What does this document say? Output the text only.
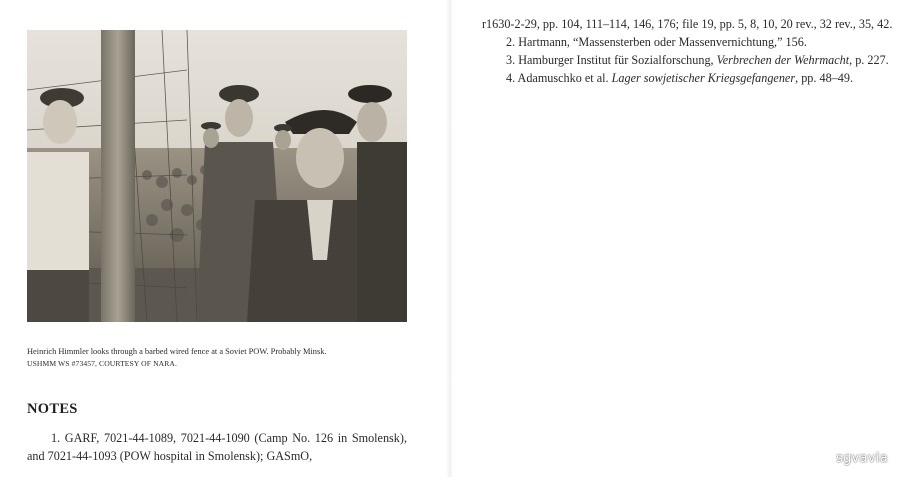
Heinrich Himmler looks through a barbed wired fence at a Soviet POW. Probably Minsk.
USHMM WS #73457, COURTESY OF NARA.
NOTES
1. GARF, 7021-44-1089, 7021-44-1090 (Camp No. 126 in Smolensk), and 7021-44-1093 (POW hospital in Smolensk); GASmO,

r1630-2-29, pp. 104, 111–114, 146, 176; file 19, pp. 5, 8, 10, 20 rev., 32 rev., 35, 42.

2. Hartmann, “Massensterben oder Massenvernichtung,” 156.

3. Hamburger Institut für Sozialforschung, Verbrechen der Wehrmacht, p. 227.

4. Adamuschko et al. Lager sowjetischer Kriegsgefangener, pp. 48–49.

sgvavia
